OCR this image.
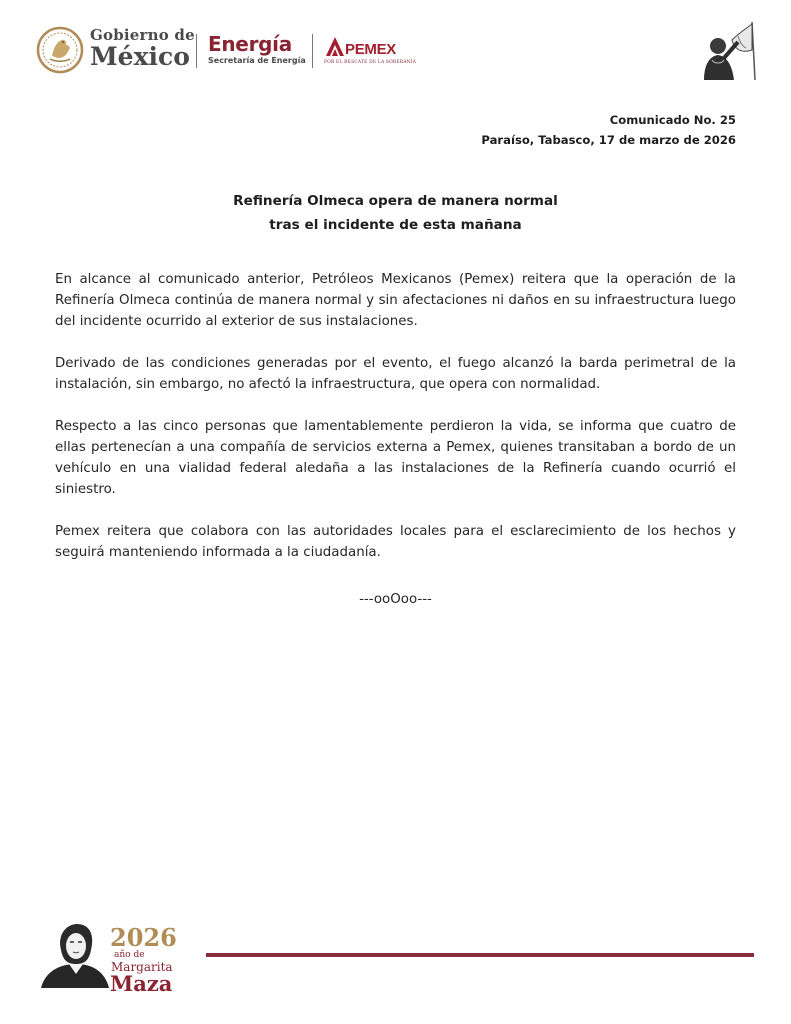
Gobierno de
México Energía
Secretaría de Energía
PEMEX
POR EL RESCATE DE LA SOBERANÍA
Comunicado No. 25
Paraíso, Tabasco, 17 de marzo de 2026
Refinería Olmeca opera de manera normal
tras el incidente de esta mañana

En alcance al comunicado anterior, Petróleos Mexicanos (Pemex) reitera que la operación de la Refinería Olmeca continúa de manera normal y sin afectaciones ni daños en su infraestructura luego del incidente ocurrido al exterior de sus instalaciones.

Derivado de las condiciones generadas por el evento, el fuego alcanzó la barda perimetral de la instalación, sin embargo, no afectó la infraestructura, que opera con normalidad.

Respecto a las cinco personas que lamentablemente perdieron la vida, se informa que cuatro de ellas pertenecían a una compañía de servicios externa a Pemex, quienes transitaban a bordo de un vehículo en una vialidad federal aledaña a las instalaciones de la Refinería cuando ocurrió el siniestro.

Pemex reitera que colabora con las autoridades locales para el esclarecimiento de los hechos y seguirá manteniendo informada a la ciudadanía.

---ooOoo---
2026
año de
Margarita
Maza
